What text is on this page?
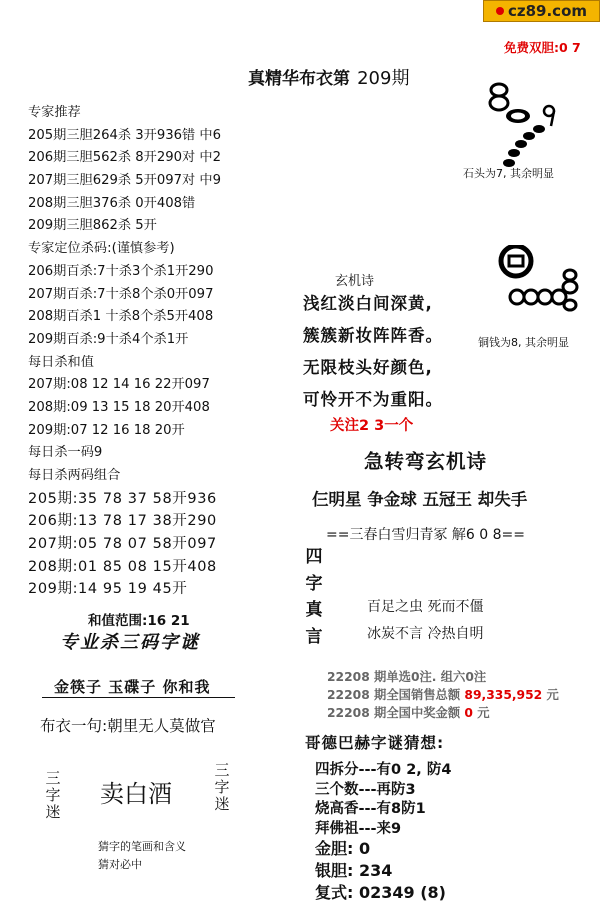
cz89.com
免费双胆:0 7
真精华布衣第 209期
专家推荐
205期三胆264杀 3开936错 中6
206期三胆562杀 8开290对 中2
207期三胆629杀 5开097对 中9
208期三胆376杀 0开408错
209期三胆862杀 5开
专家定位杀码:(谨慎参考)
206期百杀:7十杀3个杀1开290
207期百杀:7十杀8个杀0开097
208期百杀1 十杀8个杀5开408
209期百杀:9十杀4个杀1开
每日杀和值
207期:08 12 14 16 22开097
208期:09 13 15 18 20开408
209期:07 12 16 18 20开
每日杀一码9
每日杀两码组合
205期:35 78 37 58开936
206期:13 78 17 38开290
207期:05 78 07 58开097
208期:01 85 08 15开408
209期:14 95 19 45开
和值范围:16 21
专业杀三码字谜
金筷子 玉碟子 你和我
布衣一句:朝里无人莫做官
三字迷
卖白酒
三字迷
猜字的笔画和含义
猜对必中
石头为7, 其余明显
铜钱为8, 其余明显
玄机诗
浅红淡白间深黄,
簇簇新妆阵阵香。
无限枝头好颜色,
可怜开不为重阳。
关注2 3一个
急转弯玄机诗
仨明星 争金球 五冠王 却失手
==三春白雪归青冢 解6 0 8==
四字真言
百足之虫 死而不僵
冰炭不言 冷热自明
22208 期单选0注. 组六0注
22208 期全国销售总额 89,335,952 元
22208 期全国中奖金额 0 元
哥德巴赫字谜猜想:
四拆分---有0 2, 防4
三个数---再防3
烧高香---有8防1
拜佛祖---来9
金胆: 0
银胆: 234
复式: 02349 (8)
